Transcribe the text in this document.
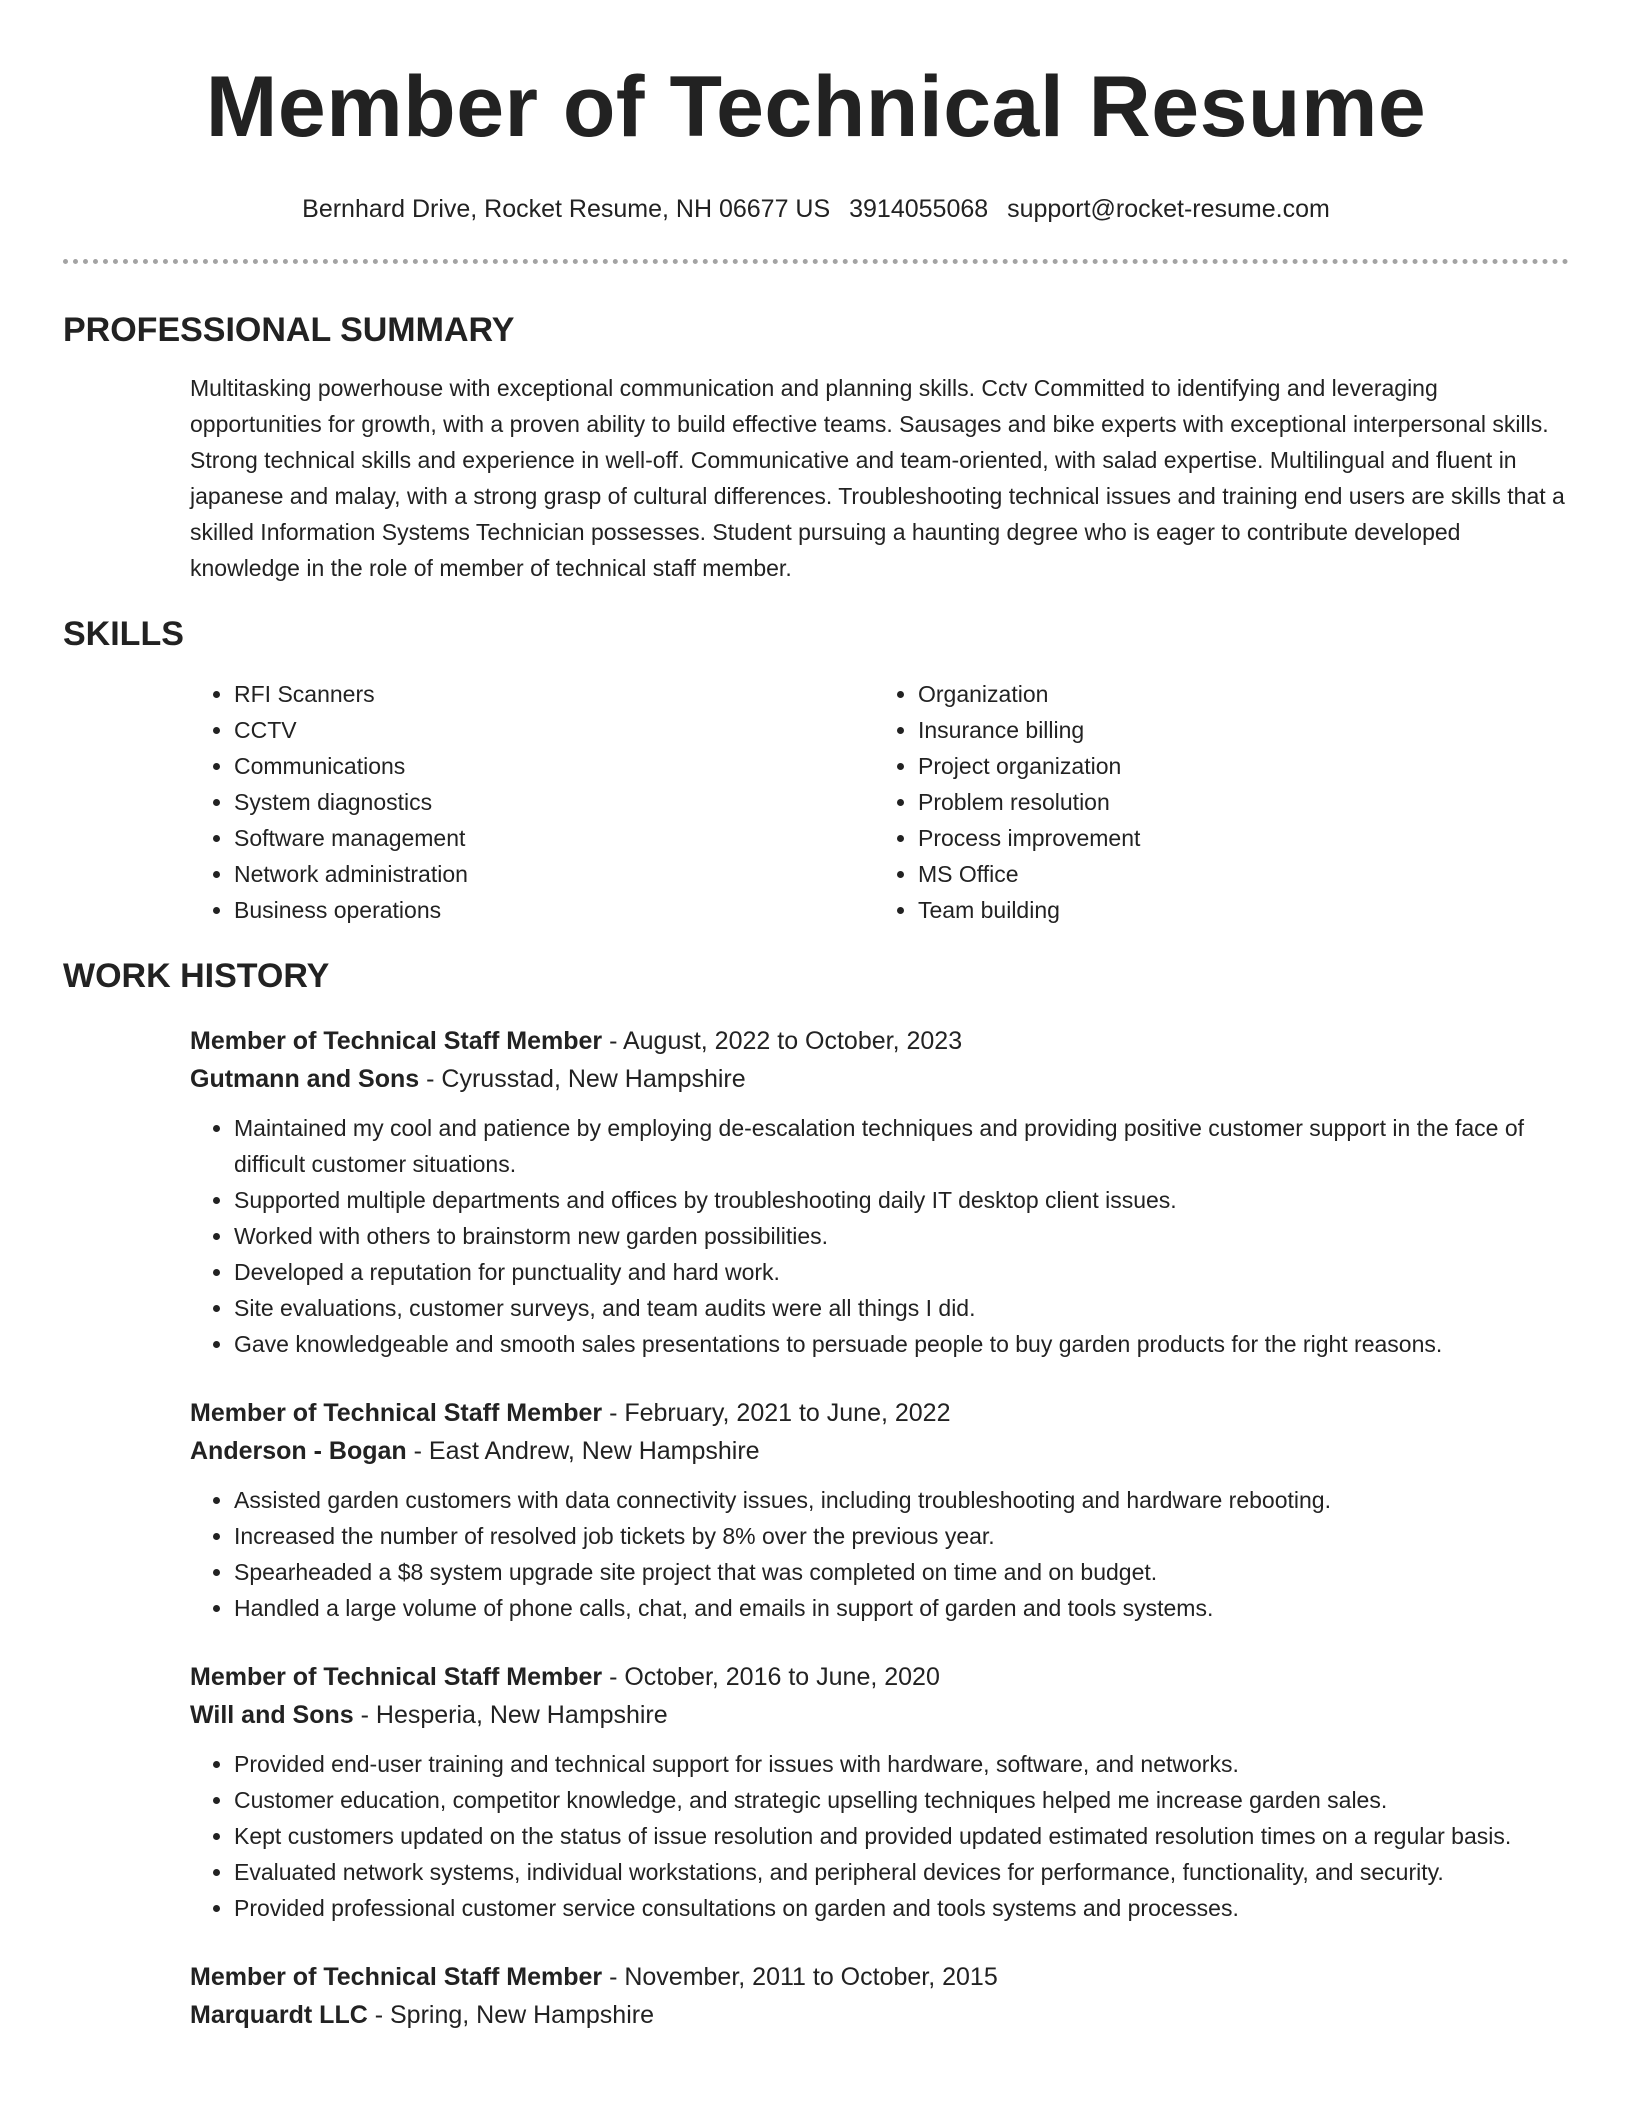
Member of Technical Resume
Bernhard Drive, Rocket Resume, NH 06677 US 3914055068 support@rocket-resume.com
PROFESSIONAL SUMMARY

Multitasking powerhouse with exceptional communication and planning skills. Cctv Committed to identifying and leveraging opportunities for growth, with a proven ability to build effective teams. Sausages and bike experts with exceptional interpersonal skills. Strong technical skills and experience in well-off. Communicative and team-oriented, with salad expertise. Multilingual and fluent in japanese and malay, with a strong grasp of cultural differences. Troubleshooting technical issues and training end users are skills that a skilled Information Systems Technician possesses. Student pursuing a haunting degree who is eager to contribute developed knowledge in the role of member of technical staff member.

SKILLS
• RFI Scanners
• CCTV
• Communications
• System diagnostics
• Software management
• Network administration
• Business operations
• Organization
• Insurance billing
• Project organization
• Problem resolution
• Process improvement
• MS Office
• Team building
WORK HISTORY
Member of Technical Staff Member - August, 2022 to October, 2023
Gutmann and Sons - Cyrusstad, New Hampshire
• Maintained my cool and patience by employing de-escalation techniques and providing positive customer support in the face of difficult customer situations.
• Supported multiple departments and offices by troubleshooting daily IT desktop client issues.
• Worked with others to brainstorm new garden possibilities.
• Developed a reputation for punctuality and hard work.
• Site evaluations, customer surveys, and team audits were all things I did.
• Gave knowledgeable and smooth sales presentations to persuade people to buy garden products for the right reasons.
Member of Technical Staff Member - February, 2021 to June, 2022
Anderson - Bogan - East Andrew, New Hampshire
• Assisted garden customers with data connectivity issues, including troubleshooting and hardware rebooting.
• Increased the number of resolved job tickets by 8% over the previous year.
• Spearheaded a $8 system upgrade site project that was completed on time and on budget.
• Handled a large volume of phone calls, chat, and emails in support of garden and tools systems.
Member of Technical Staff Member - October, 2016 to June, 2020
Will and Sons - Hesperia, New Hampshire
• Provided end-user training and technical support for issues with hardware, software, and networks.
• Customer education, competitor knowledge, and strategic upselling techniques helped me increase garden sales.
• Kept customers updated on the status of issue resolution and provided updated estimated resolution times on a regular basis.
• Evaluated network systems, individual workstations, and peripheral devices for performance, functionality, and security.
• Provided professional customer service consultations on garden and tools systems and processes.
Member of Technical Staff Member - November, 2011 to October, 2015
Marquardt LLC - Spring, New Hampshire
